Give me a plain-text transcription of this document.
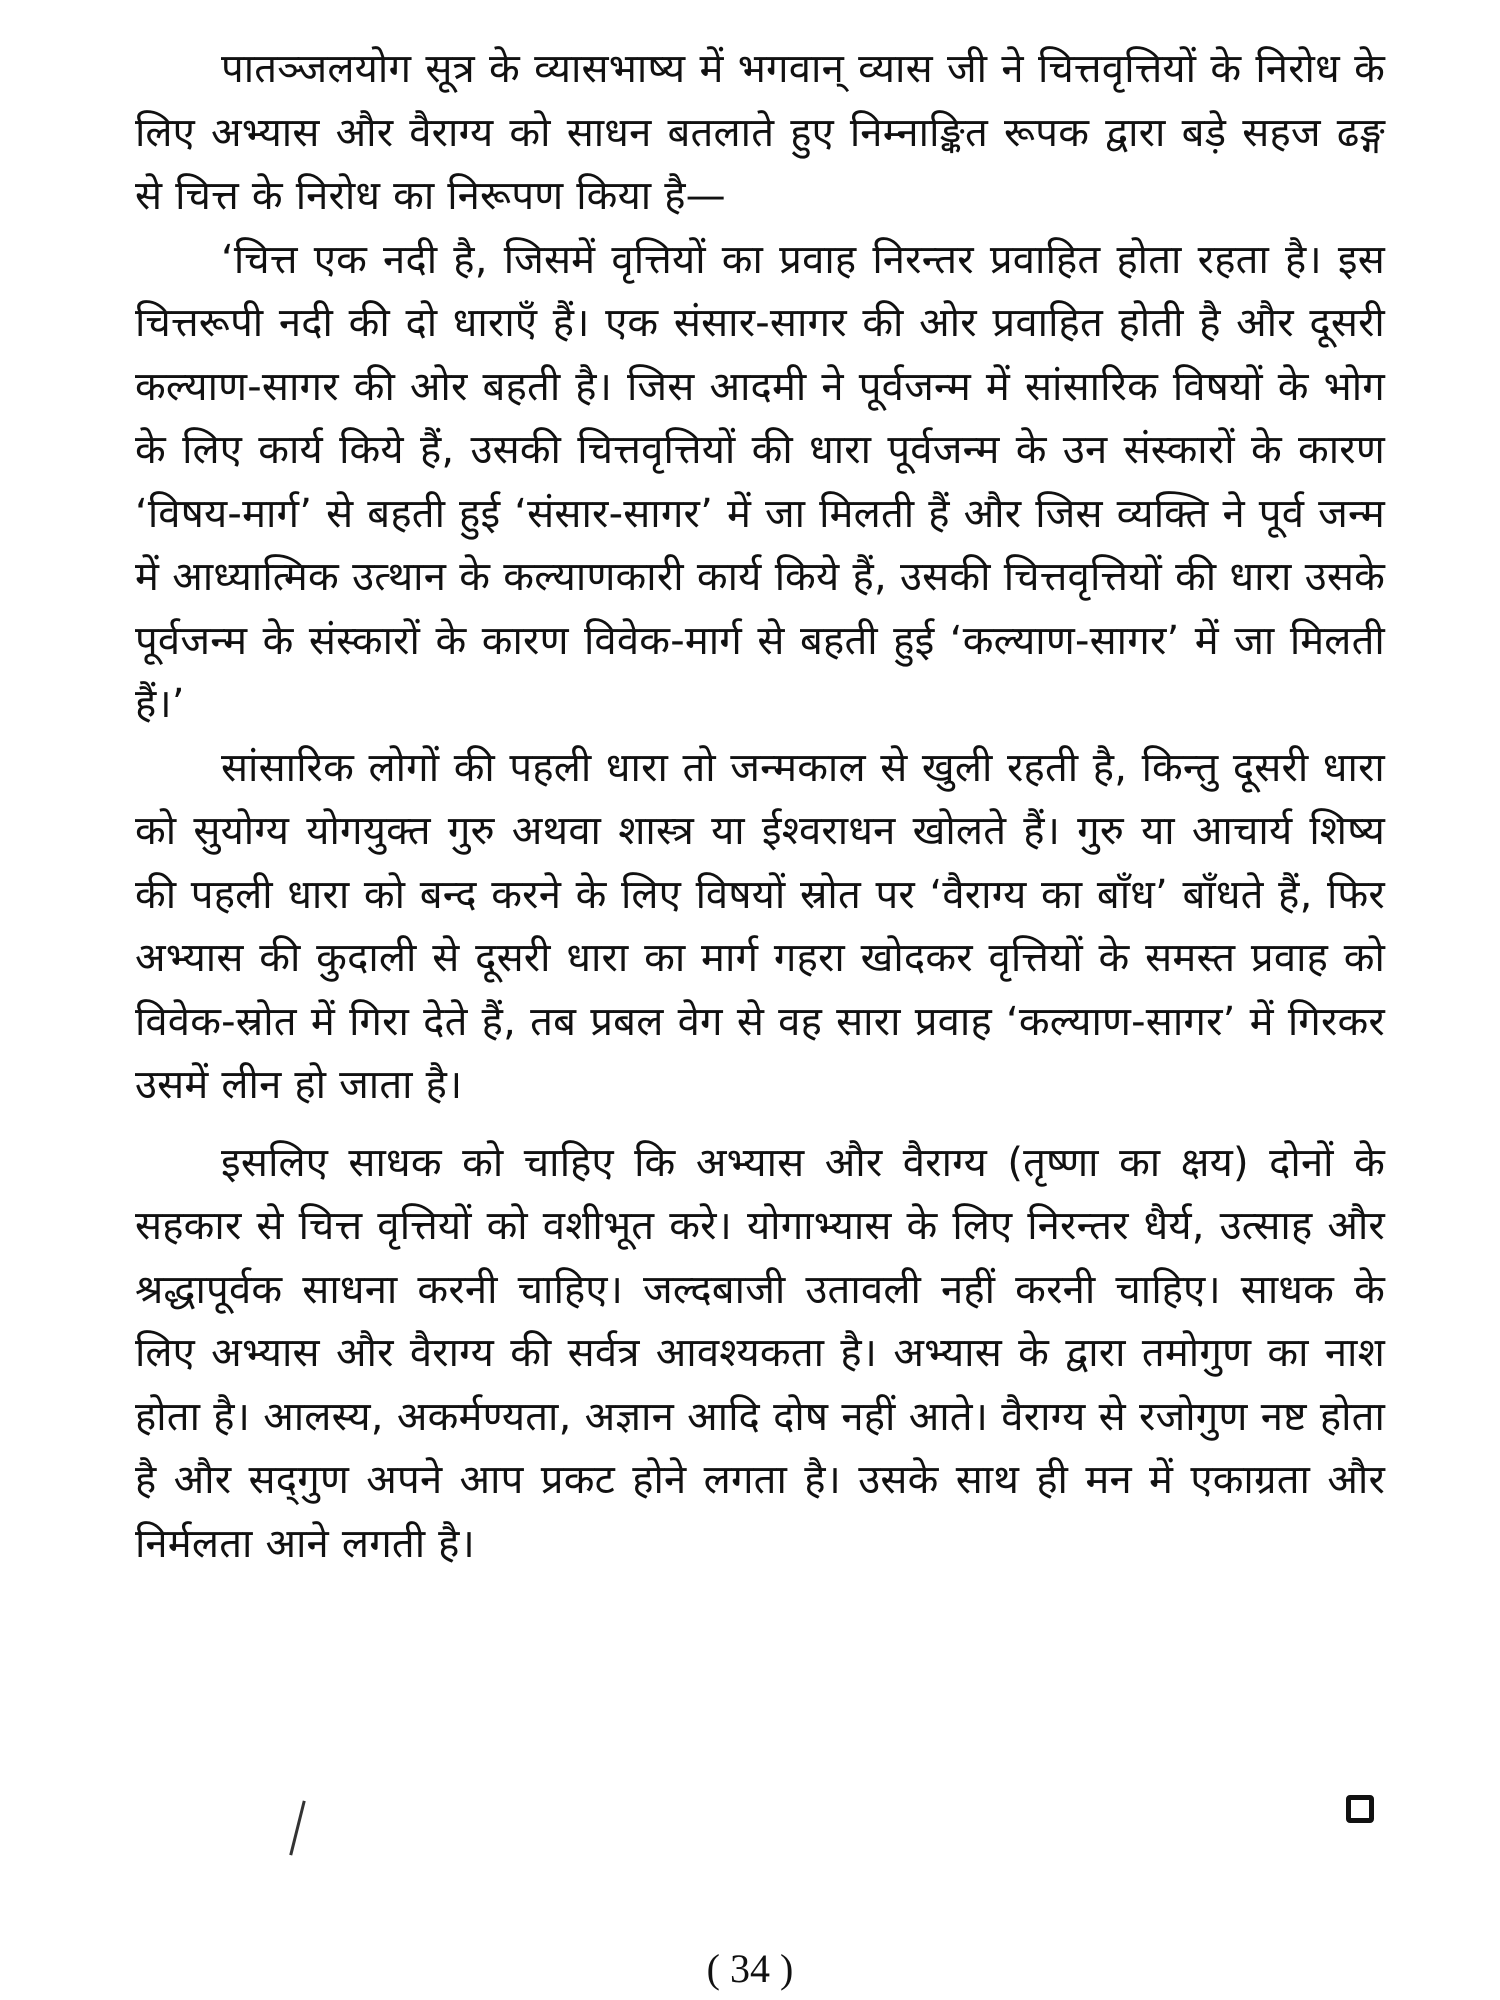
पातञ्जलयोग सूत्र के व्यासभाष्य में भगवान् व्यास जी ने चित्तवृत्तियों के निरोध के लिए अभ्यास और वैराग्य को साधन बतलाते हुए निम्नाङ्कित रूपक द्वारा बड़े सहज ढङ्ग से चित्त के निरोध का निरूपण किया है—

‘चित्त एक नदी है, जिसमें वृत्तियों का प्रवाह निरन्तर प्रवाहित होता रहता है। इस चित्तरूपी नदी की दो धाराएँ हैं। एक संसार-सागर की ओर प्रवाहित होती है और दूसरी कल्याण-सागर की ओर बहती है। जिस आदमी ने पूर्वजन्म में सांसारिक विषयों के भोग के लिए कार्य किये हैं, उसकी चित्तवृत्तियों की धारा पूर्वजन्म के उन संस्कारों के कारण ‘विषय-मार्ग’ से बहती हुई ‘संसार-सागर’ में जा मिलती हैं और जिस व्यक्ति ने पूर्व जन्म में आध्यात्मिक उत्थान के कल्याणकारी कार्य किये हैं, उसकी चित्तवृत्तियों की धारा उसके पूर्वजन्म के संस्कारों के कारण विवेक-मार्ग से बहती हुई ‘कल्याण-सागर’ में जा मिलती हैं।’

सांसारिक लोगों की पहली धारा तो जन्मकाल से खुली रहती है, किन्तु दूसरी धारा को सुयोग्य योगयुक्त गुरु अथवा शास्त्र या ईश्वराधन खोलते हैं। गुरु या आचार्य शिष्य की पहली धारा को बन्द करने के लिए विषयों स्रोत पर ‘वैराग्य का बाँध’ बाँधते हैं, फिर अभ्यास की कुदाली से दूसरी धारा का मार्ग गहरा खोदकर वृत्तियों के समस्त प्रवाह को विवेक-स्रोत में गिरा देते हैं, तब प्रबल वेग से वह सारा प्रवाह ‘कल्याण-सागर’ में गिरकर उसमें लीन हो जाता है।

इसलिए साधक को चाहिए कि अभ्यास और वैराग्य (तृष्णा का क्षय) दोनों के सहकार से चित्त वृत्तियों को वशीभूत करे। योगाभ्यास के लिए निरन्तर धैर्य, उत्साह और श्रद्धापूर्वक साधना करनी चाहिए। जल्दबाजी उतावली नहीं करनी चाहिए। साधक के लिए अभ्यास और वैराग्य की सर्वत्र आवश्यकता है। अभ्यास के द्वारा तमोगुण का नाश होता है। आलस्य, अकर्मण्यता, अज्ञान आदि दोष नहीं आते। वैराग्य से रजोगुण नष्ट होता है और सद्‌गुण अपने आप प्रकट होने लगता है। उसके साथ ही मन में एकाग्रता और निर्मलता आने लगती है।

( 34 )
